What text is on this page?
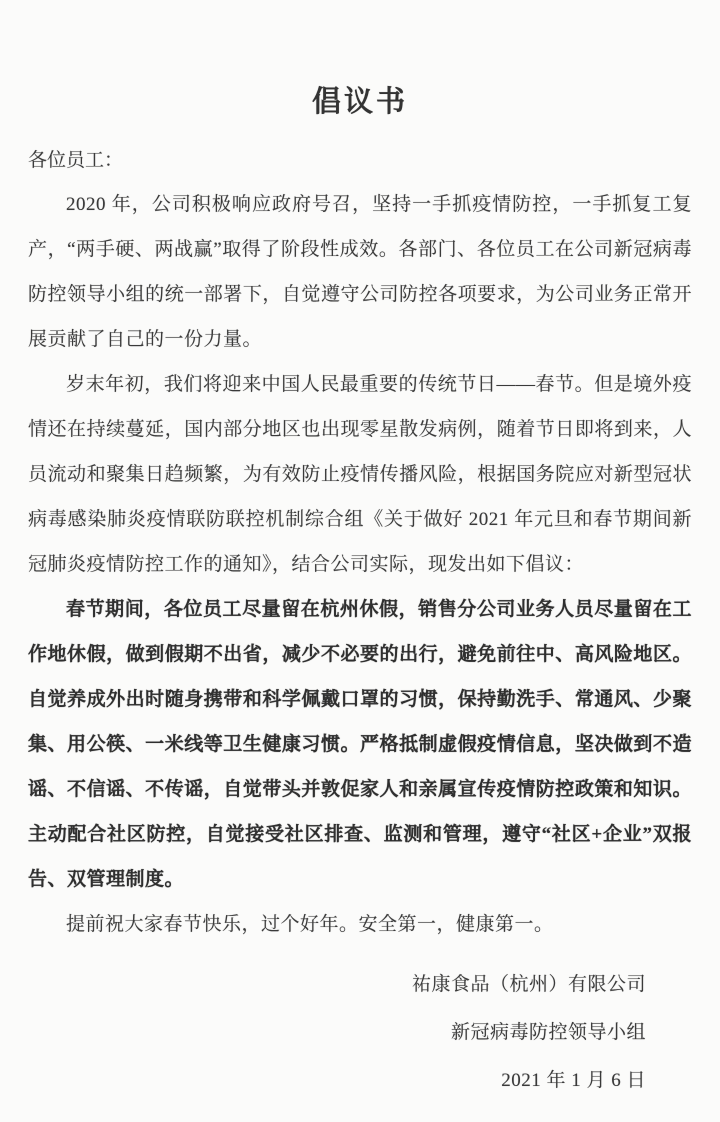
倡议书

各位员工：

2020 年，公司积极响应政府号召，坚持一手抓疫情防控，一手抓复工复产，“两手硬、两战赢”取得了阶段性成效。各部门、各位员工在公司新冠病毒防控领导小组的统一部署下，自觉遵守公司防控各项要求，为公司业务正常开展贡献了自己的一份力量。

岁末年初，我们将迎来中国人民最重要的传统节日——春节。但是境外疫情还在持续蔓延，国内部分地区也出现零星散发病例，随着节日即将到来，人员流动和聚集日趋频繁，为有效防止疫情传播风险，根据国务院应对新型冠状病毒感染肺炎疫情联防联控机制综合组《关于做好 2021 年元旦和春节期间新冠肺炎疫情防控工作的通知》，结合公司实际，现发出如下倡议：

春节期间，各位员工尽量留在杭州休假，销售分公司业务人员尽量留在工作地休假，做到假期不出省，减少不必要的出行，避免前往中、高风险地区。自觉养成外出时随身携带和科学佩戴口罩的习惯，保持勤洗手、常通风、少聚集、用公筷、一米线等卫生健康习惯。严格抵制虚假疫情信息，坚决做到不造谣、不信谣、不传谣，自觉带头并敦促家人和亲属宣传疫情防控政策和知识。主动配合社区防控，自觉接受社区排查、监测和管理，遵守“社区+企业”双报告、双管理制度。

提前祝大家春节快乐，过个好年。安全第一，健康第一。

祐康食品（杭州）有限公司
新冠病毒防控领导小组
2021 年 1 月 6 日
